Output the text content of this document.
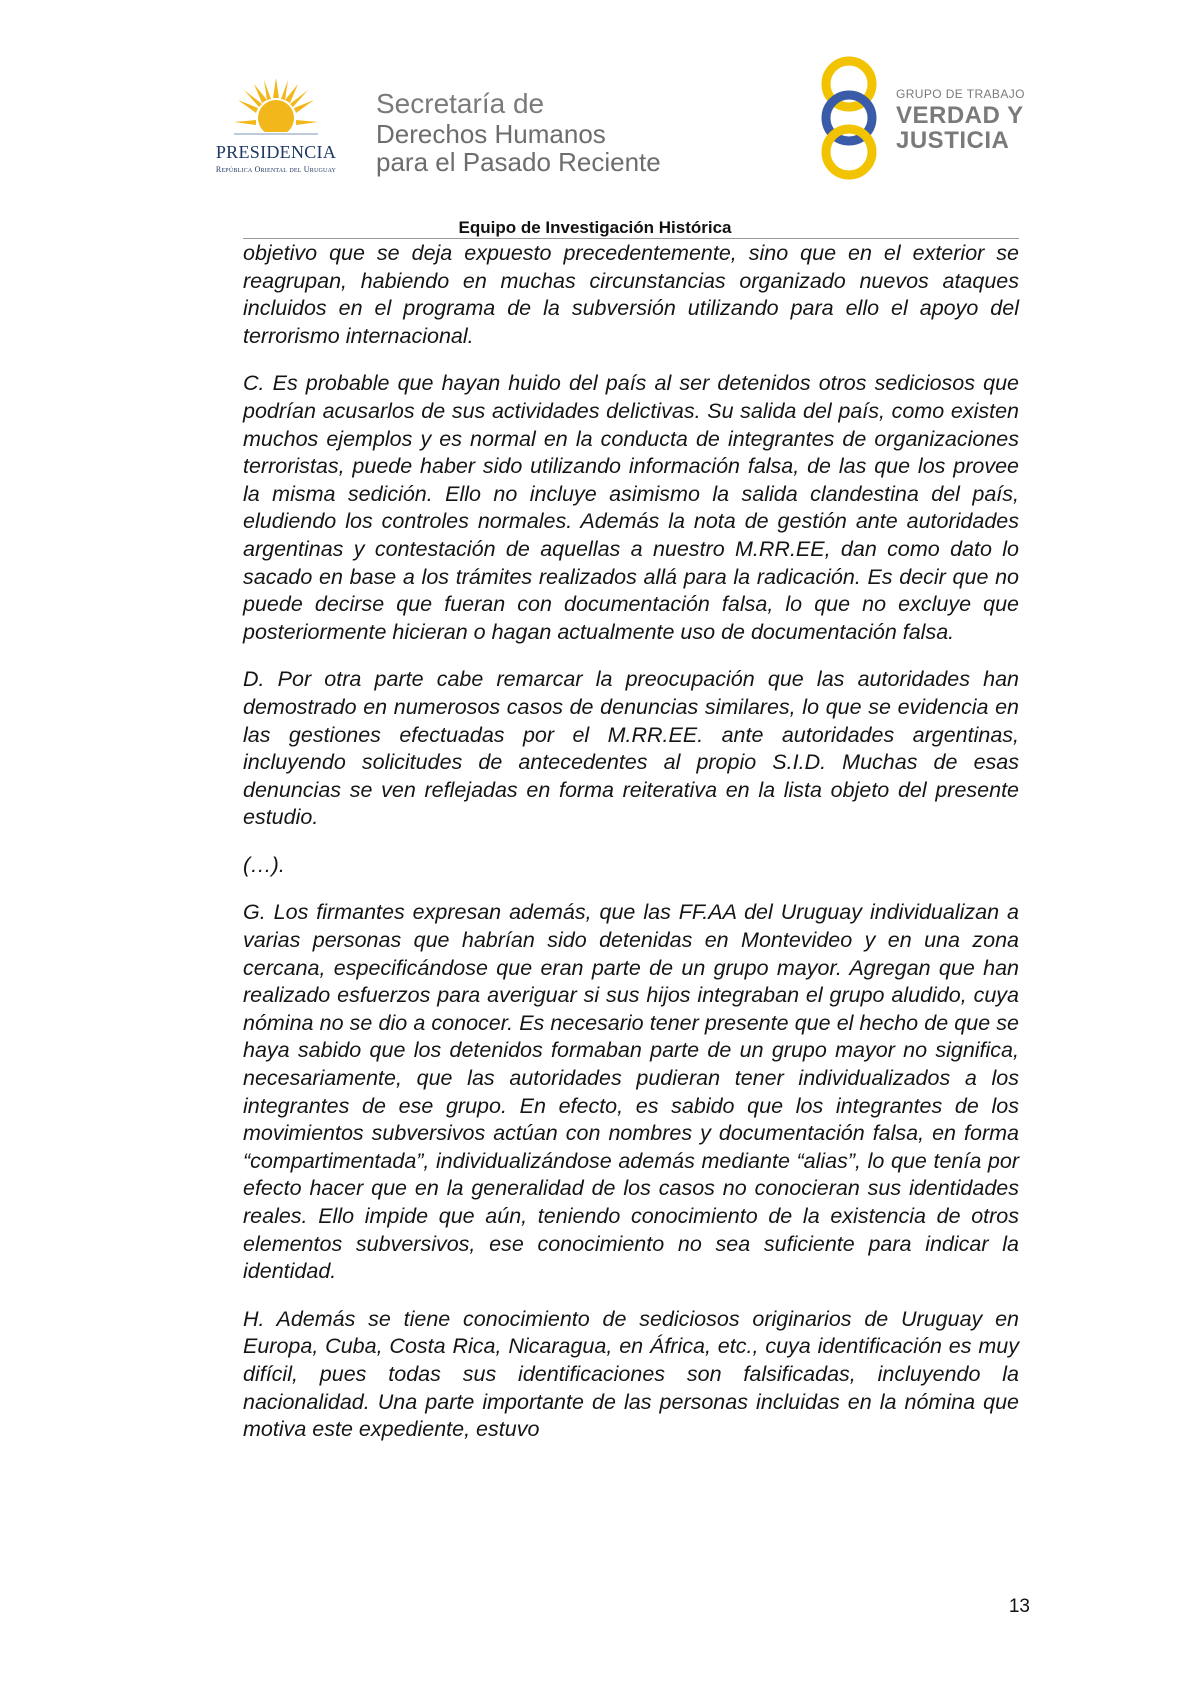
PRESIDENCIA
República Oriental del Uruguay
Secretaría de
Derechos Humanos
para el Pasado Reciente
GRUPO DE TRABAJO
VERDAD Y
JUSTICIA
Equipo de Investigación Histórica

objetivo que se deja expuesto precedentemente, sino que en el exterior se reagrupan, habiendo en muchas circunstancias organizado nuevos ataques incluidos en el programa de la subversión utilizando para ello el apoyo del terrorismo internacional.

C. Es probable que hayan huido del país al ser detenidos otros sediciosos que podrían acusarlos de sus actividades delictivas. Su salida del país, como existen muchos ejemplos y es normal en la conducta de integrantes de organizaciones terroristas, puede haber sido utilizando información falsa, de las que los provee la misma sedición. Ello no incluye asimismo la salida clandestina del país, eludiendo los controles normales. Además la nota de gestión ante autoridades argentinas y contestación de aquellas a nuestro M.RR.EE, dan como dato lo sacado en base a los trámites realizados allá para la radicación. Es decir que no puede decirse que fueran con documentación falsa, lo que no excluye que posteriormente hicieran o hagan actualmente uso de documentación falsa.

D. Por otra parte cabe remarcar la preocupación que las autoridades han demostrado en numerosos casos de denuncias similares, lo que se evidencia en las gestiones efectuadas por el M.RR.EE. ante autoridades argentinas, incluyendo solicitudes de antecedentes al propio S.I.D. Muchas de esas denuncias se ven reflejadas en forma reiterativa en la lista objeto del presente estudio.

(…).

G. Los firmantes expresan además, que las FF.AA del Uruguay individualizan a varias personas que habrían sido detenidas en Montevideo y en una zona cercana, especificándose que eran parte de un grupo mayor. Agregan que han realizado esfuerzos para averiguar si sus hijos integraban el grupo aludido, cuya nómina no se dio a conocer. Es necesario tener presente que el hecho de que se haya sabido que los detenidos formaban parte de un grupo mayor no significa, necesariamente, que las autoridades pudieran tener individualizados a los integrantes de ese grupo. En efecto, es sabido que los integrantes de los movimientos subversivos actúan con nombres y documentación falsa, en forma “compartimentada”, individualizándose además mediante “alias”, lo que tenía por efecto hacer que en la generalidad de los casos no conocieran sus identidades reales. Ello impide que aún, teniendo conocimiento de la existencia de otros elementos subversivos, ese conocimiento no sea suficiente para indicar la identidad.

H. Además se tiene conocimiento de sediciosos originarios de Uruguay en Europa, Cuba, Costa Rica, Nicaragua, en África, etc., cuya identificación es muy difícil, pues todas sus identificaciones son falsificadas, incluyendo la nacionalidad. Una parte importante de las personas incluidas en la nómina que motiva este expediente, estuvo

13
